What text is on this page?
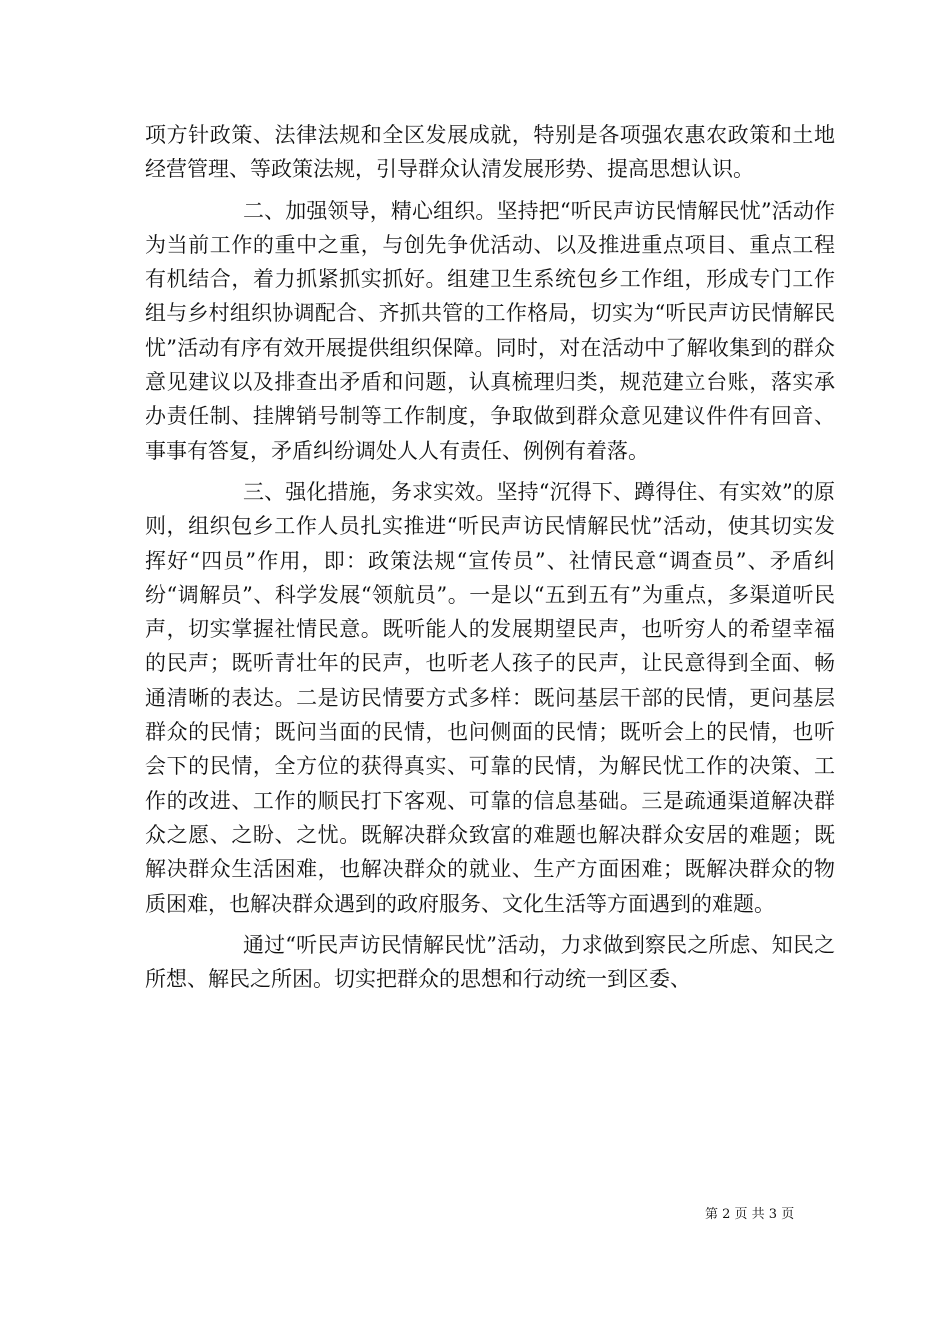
项方针政策、法律法规和全区发展成就，特别是各项强农惠农政策和土地经营管理、等政策法规，引导群众认清发展形势、提高思想认识。

二、加强领导，精心组织。坚持把“听民声访民情解民忧”活动作为当前工作的重中之重，与创先争优活动、以及推进重点项目、重点工程有机结合，着力抓紧抓实抓好。组建卫生系统包乡工作组，形成专门工作组与乡村组织协调配合、齐抓共管的工作格局，切实为“听民声访民情解民忧”活动有序有效开展提供组织保障。同时，对在活动中了解收集到的群众意见建议以及排查出矛盾和问题，认真梳理归类，规范建立台账，落实承办责任制、挂牌销号制等工作制度，争取做到群众意见建议件件有回音、事事有答复，矛盾纠纷调处人人有责任、例例有着落。

三、强化措施，务求实效。坚持“沉得下、蹲得住、有实效”的原则，组织包乡工作人员扎实推进“听民声访民情解民忧”活动，使其切实发挥好“四员”作用，即：政策法规“宣传员”、社情民意“调查员”、矛盾纠纷“调解员”、科学发展“领航员”。一是以“五到五有”为重点，多渠道听民声，切实掌握社情民意。既听能人的发展期望民声，也听穷人的希望幸福的民声；既听青壮年的民声，也听老人孩子的民声，让民意得到全面、畅通清晰的表达。二是访民情要方式多样：既问基层干部的民情，更问基层群众的民情；既问当面的民情，也问侧面的民情；既听会上的民情，也听会下的民情，全方位的获得真实、可靠的民情，为解民忧工作的决策、工作的改进、工作的顺民打下客观、可靠的信息基础。三是疏通渠道解决群众之愿、之盼、之忧。既解决群众致富的难题也解决群众安居的难题；既解决群众生活困难，也解决群众的就业、生产方面困难；既解决群众的物质困难，也解决群众遇到的政府服务、文化生活等方面遇到的难题。

通过“听民声访民情解民忧”活动，力求做到察民之所虑、知民之所想、解民之所困。切实把群众的思想和行动统一到区委、

第 2 页 共 3 页
